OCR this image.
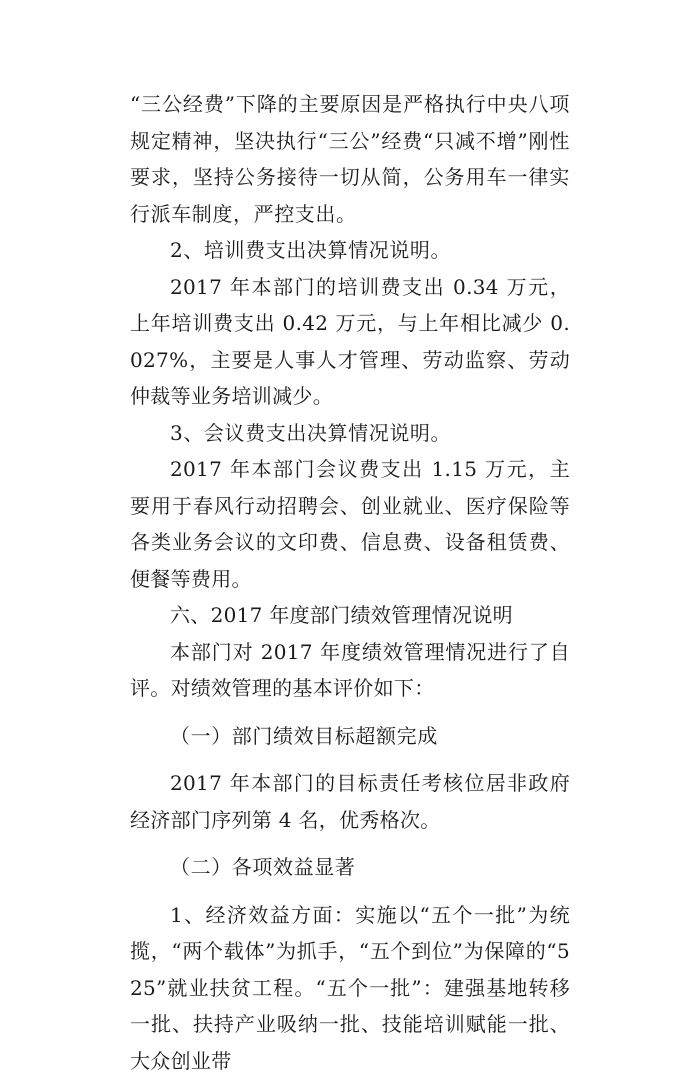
“三公经费”下降的主要原因是严格执行中央八项规定精神，坚决执行“三公”经费“只减不增”刚性要求，坚持公务接待一切从简，公务用车一律实行派车制度，严控支出。

2、培训费支出决算情况说明。

2017 年本部门的培训费支出 0.34 万元，上年培训费支出 0.42 万元，与上年相比减少 0.027%，主要是人事人才管理、劳动监察、劳动仲裁等业务培训减少。

3、会议费支出决算情况说明。

2017 年本部门会议费支出 1.15 万元，主要用于春风行动招聘会、创业就业、医疗保险等各类业务会议的文印费、信息费、设备租赁费、便餐等费用。

六、2017 年度部门绩效管理情况说明

本部门对 2017 年度绩效管理情况进行了自评。对绩效管理的基本评价如下：

（一）部门绩效目标超额完成

2017 年本部门的目标责任考核位居非政府经济部门序列第 4 名，优秀格次。

（二）各项效益显著

1、经济效益方面：实施以“五个一批”为统揽，“两个载体”为抓手，“五个到位”为保障的“525”就业扶贫工程。“五个一批”：建强基地转移一批、扶持产业吸纳一批、技能培训赋能一批、大众创业带
